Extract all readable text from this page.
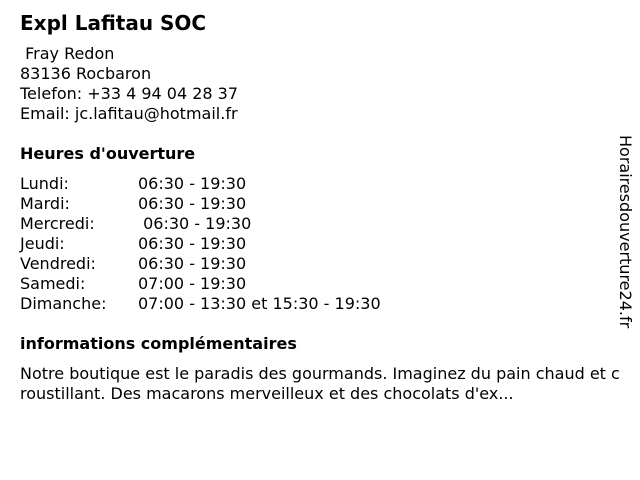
Expl Lafitau SOC
Fray Redon
83136 Rocbaron
Telefon: +33 4 94 04 28 37
Email: jc.lafitau@hotmail.fr
Heures d'ouverture
Lundi:	06:30 - 19:30
Mardi:	06:30 - 19:30
Mercredi:	06:30 - 19:30
Jeudi:	06:30 - 19:30
Vendredi:	06:30 - 19:30
Samedi:	07:00 - 19:30
Dimanche:	07:00 - 13:30 et 15:30 - 19:30
informations complémentaires
Notre boutique est le paradis des gourmands. Imaginez du pain chaud et croustillant. Des macarons merveilleux et des chocolats d'ex...
Horairesdouverture24.fr
